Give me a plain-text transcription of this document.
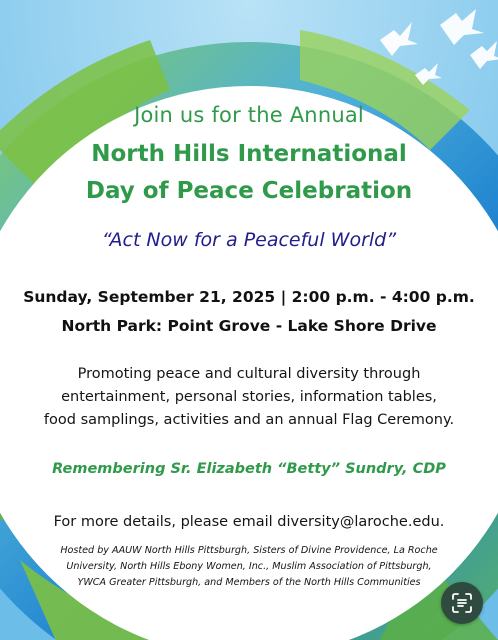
Join us for the Annual
North Hills International
Day of Peace Celebration
“Act Now for a Peaceful World”
Sunday, September 21, 2025 | 2:00 p.m. - 4:00 p.m.
North Park: Point Grove - Lake Shore Drive
Promoting peace and cultural diversity through
entertainment, personal stories, information tables,
food samplings, activities and an annual Flag Ceremony.
Remembering Sr. Elizabeth “Betty” Sundry, CDP
For more details, please email diversity@laroche.edu.
Hosted by AAUW North Hills Pittsburgh, Sisters of Divine Providence, La Roche
University, North Hills Ebony Women, Inc., Muslim Association of Pittsburgh,
YWCA Greater Pittsburgh, and Members of the North Hills Communities
